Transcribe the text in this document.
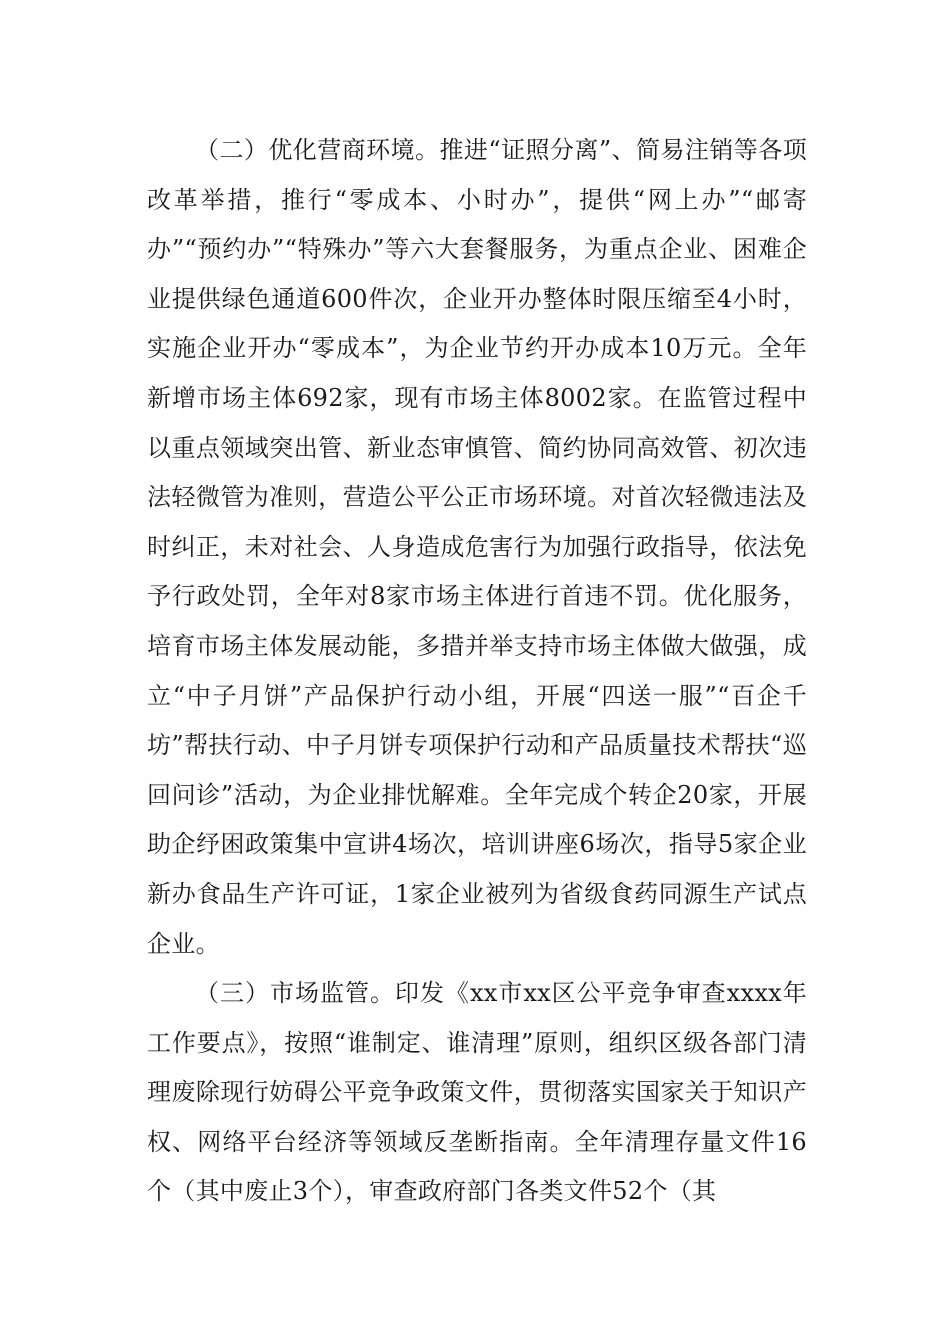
（二）优化营商环境。推进“证照分离”、简易注销等各项改革举措，推行“零成本、小时办”，提供“网上办”“邮寄办”“预约办”“特殊办”等六大套餐服务，为重点企业、困难企业提供绿色通道600件次，企业开办整体时限压缩至4小时，实施企业开办“零成本”，为企业节约开办成本10万元。全年新增市场主体692家，现有市场主体8002家。在监管过程中以重点领域突出管、新业态审慎管、简约协同高效管、初次违法轻微管为准则，营造公平公正市场环境。对首次轻微违法及时纠正，未对社会、人身造成危害行为加强行政指导，依法免予行政处罚，全年对8家市场主体进行首违不罚。优化服务，培育市场主体发展动能，多措并举支持市场主体做大做强，成立“中子月饼”产品保护行动小组，开展“四送一服”“百企千坊”帮扶行动、中子月饼专项保护行动和产品质量技术帮扶“巡回问诊”活动，为企业排忧解难。全年完成个转企20家，开展助企纾困政策集中宣讲4场次，培训讲座6场次，指导5家企业新办食品生产许可证，1家企业被列为省级食药同源生产试点企业。

（三）市场监管。印发《xx市xx区公平竞争审查xxxx年工作要点》，按照“谁制定、谁清理”原则，组织区级各部门清理废除现行妨碍公平竞争政策文件，贯彻落实国家关于知识产权、网络平台经济等领域反垄断指南。全年清理存量文件16个（其中废止3个），审查政府部门各类文件52个（其
